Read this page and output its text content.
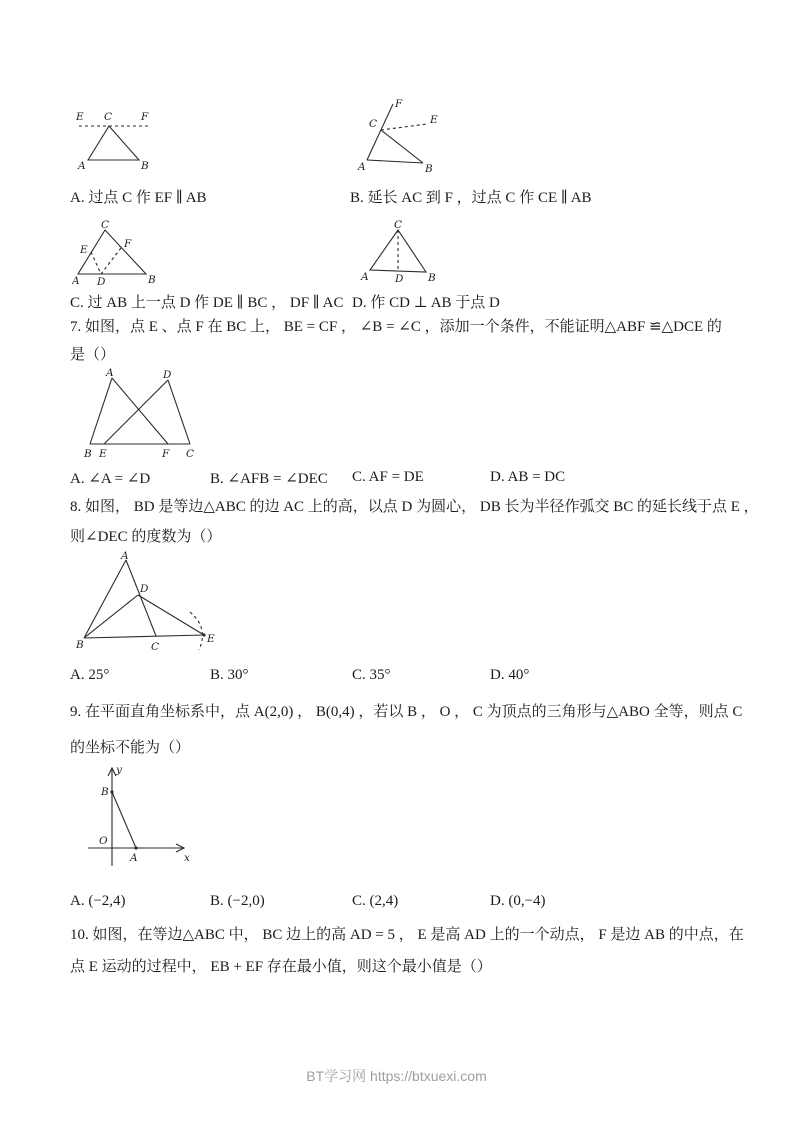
E C	F
A	B
F
E
C
A	B
A. 过点 C 作 EF ∥ AB	B. 延长 AC 到 F ，过点 C 作 CE ∥ AB
C
E	F
A D	B
C
A	D B
C. 过 AB 上一点 D 作 DE ∥ BC ， DF ∥ AC D. 作 CD ⊥ AB 于点 D
7. 如图，点 E 、点 F 在 BC 上， BE = CF ， ∠B = ∠C ，添加一个条件，不能证明△ABF ≌△DCE 的
是（）
A	D
B E	F C
A. ∠A = ∠D	B. ∠AFB = ∠DEC C. AF = DE	D. AB = DC
8. 如图， BD 是等边△ABC 的边 AC 上的高，以点 D 为圆心， DB 长为半径作弧交 BC 的延长线于点 E ，
则∠DEC 的度数为（）
A
D
B	C
E
A. 25°	B. 30°	C. 35°	D. 40°
9. 在平面直角坐标系中，点 A(2,0) ， B(0,4) ，若以 B ， O ， C 为顶点的三角形与△ABO 全等，则点 C
的坐标不能为（）
y
B
O
A	x
A. (−2,4)	B. (−2,0)	C. (2,4)	D. (0,−4)
10. 如图，在等边△ABC 中， BC 边上的高 AD = 5 ， E 是高 AD 上的一个动点， F 是边 AB 的中点，在
点 E 运动的过程中， EB + EF 存在最小值，则这个最小值是（）
BT学习网 https://btxuexi.com
